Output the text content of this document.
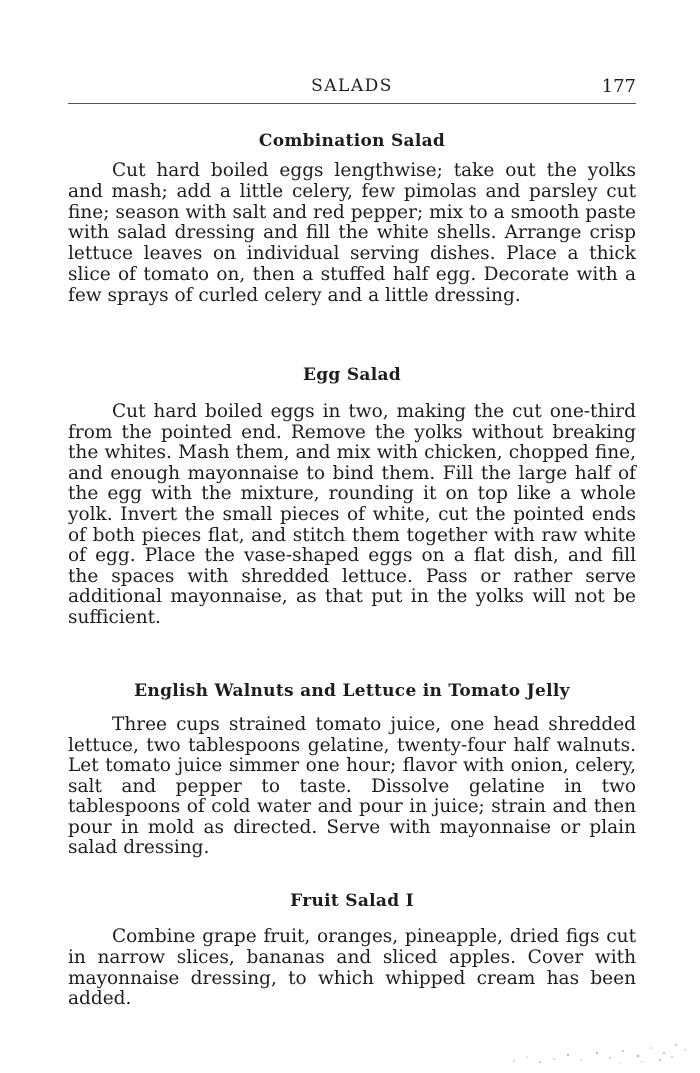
SALADS	177
Combination Salad
Cut hard boiled eggs lengthwise; take out the yolks and mash; add a little celery, few pimolas and parsley cut fine; season with salt and red pepper; mix to a smooth paste with salad dressing and fill the white shells. Arrange crisp lettuce leaves on individual serving dishes. Place a thick slice of tomato on, then a stuffed half egg. Decorate with a few sprays of curled celery and a little dressing.
Egg Salad
Cut hard boiled eggs in two, making the cut one-third from the pointed end. Remove the yolks without breaking the whites. Mash them, and mix with chicken, chopped fine, and enough mayonnaise to bind them. Fill the large half of the egg with the mixture, rounding it on top like a whole yolk. Invert the small pieces of white, cut the pointed ends of both pieces flat, and stitch them together with raw white of egg. Place the vase-shaped eggs on a flat dish, and fill the spaces with shredded lettuce. Pass or rather serve additional mayonnaise, as that put in the yolks will not be sufficient.
English Walnuts and Lettuce in Tomato Jelly
Three cups strained tomato juice, one head shredded lettuce, two tablespoons gelatine, twenty-four half walnuts. Let tomato juice simmer one hour; flavor with onion, celery, salt and pepper to taste. Dissolve gelatine in two tablespoons of cold water and pour in juice; strain and then pour in mold as directed. Serve with mayonnaise or plain salad dressing.
Fruit Salad I
Combine grape fruit, oranges, pineapple, dried figs cut in narrow slices, bananas and sliced apples. Cover with mayonnaise dressing, to which whipped cream has been added.
